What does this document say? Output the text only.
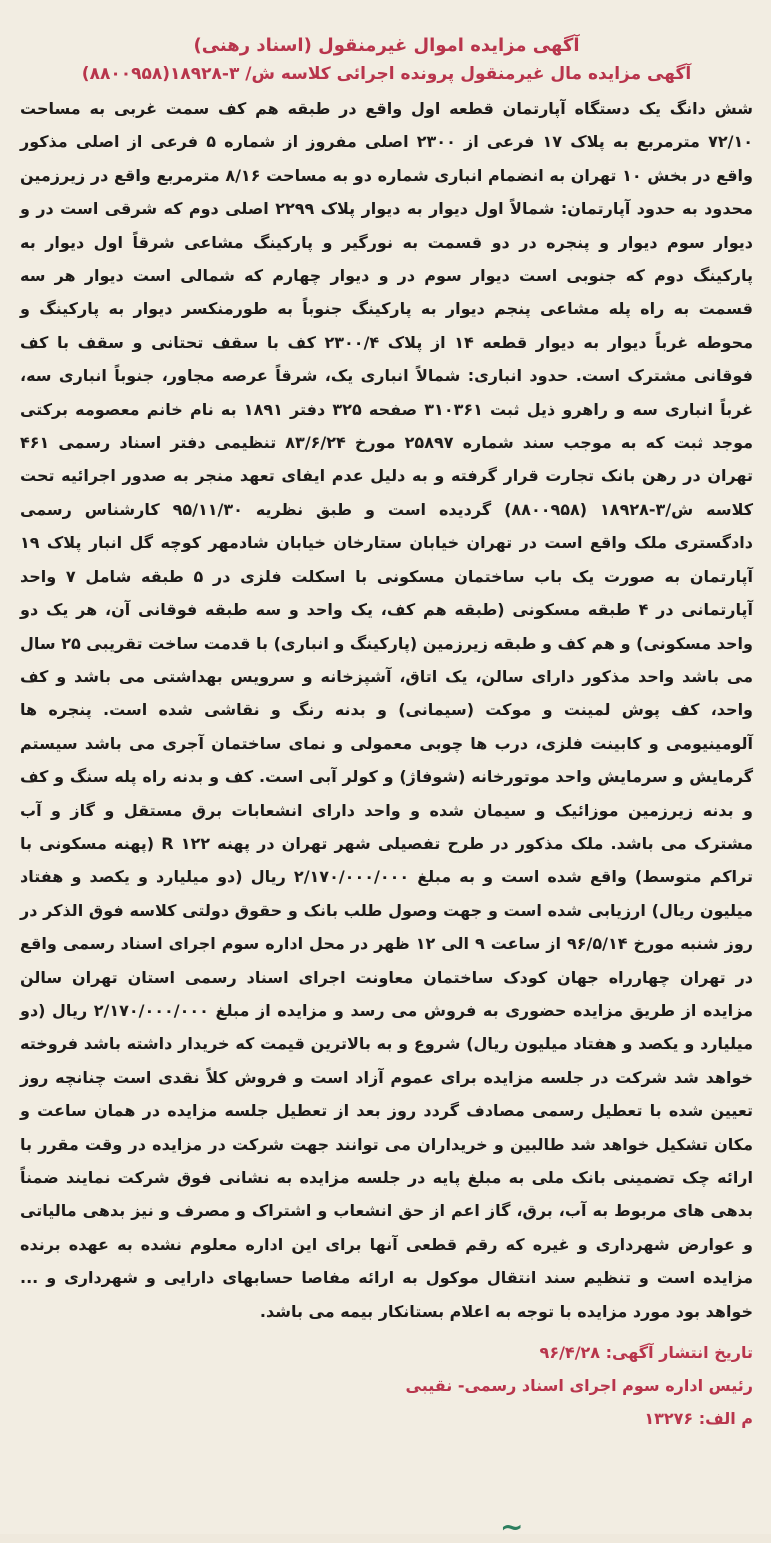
آگهی مزایده اموال غیرمنقول (اسناد رهنی)
آگهی مزایده مال غیرمنقول پرونده اجرائی کلاسه ش/ ۳-۱۸۹۲۸(۸۸۰۰۹۵۸)

شش دانگ یک دستگاه آپارتمان قطعه اول واقع در طبقه هم کف سمت غربی به مساحت ۷۲/۱۰ مترمربع به پلاک ۱۷ فرعی از ۲۳۰۰ اصلی مفروز از شماره ۵ فرعی از اصلی مذکور واقع در بخش ۱۰ تهران به انضمام انباری شماره دو به مساحت ۸/۱۶ مترمربع واقع در زیرزمین محدود به حدود آپارتمان: شمالاً اول دیوار به دیوار پلاک ۲۲۹۹ اصلی دوم که شرقی است در و دیوار سوم دیوار و پنجره در دو قسمت به نورگیر و پارکینگ مشاعی شرقاً اول دیوار به پارکینگ دوم که جنوبی است دیوار سوم در و دیوار چهارم که شمالی است دیوار هر سه قسمت به راه پله مشاعی پنجم دیوار به پارکینگ جنوباً به طورمنکسر دیوار به پارکینگ و محوطه غرباً دیوار به دیوار قطعه ۱۴ از پلاک ۲۳۰۰/۴ کف با سقف تحتانی و سقف با کف فوقانی مشترک است. حدود انباری: شمالاً انباری یک، شرقاً عرصه مجاور، جنوباً انباری سه، غرباً انباری سه و راهرو ذیل ثبت ۳۱۰۳۶۱ صفحه ۳۲۵ دفتر ۱۸۹۱ به نام خانم معصومه برکتی موجد ثبت که به موجب سند شماره ۲۵۸۹۷ مورخ ۸۳/۶/۲۴ تنظیمی دفتر اسناد رسمی ۴۶۱ تهران در رهن بانک تجارت قرار گرفته و به دلیل عدم ایفای تعهد منجر به صدور اجرائیه تحت کلاسه ش/۳-۱۸۹۲۸ (۸۸۰۰۹۵۸) گردیده است و طبق نظریه ۹۵/۱۱/۳۰ کارشناس رسمی دادگستری ملک واقع است در تهران خیابان ستارخان خیابان شادمهر کوچه گل انبار پلاک ۱۹ آپارتمان به صورت یک باب ساختمان مسکونی با اسکلت فلزی در ۵ طبقه شامل ۷ واحد آپارتمانی در ۴ طبقه مسکونی (طبقه هم کف، یک واحد و سه طبقه فوقانی آن، هر یک دو واحد مسکونی) و هم کف و طبقه زیرزمین (پارکینگ و انباری) با قدمت ساخت تقریبی ۲۵ سال می باشد واحد مذکور دارای سالن، یک اتاق، آشپزخانه و سرویس بهداشتی می باشد و کف واحد، کف پوش لمینت و موکت (سیمانی) و بدنه رنگ و نقاشی شده است. پنجره ها آلومینیومی و کابینت فلزی، درب ها چوبی معمولی و نمای ساختمان آجری می باشد سیستم گرمایش و سرمایش واحد موتورخانه (شوفاژ) و کولر آبی است. کف و بدنه راه پله سنگ و کف و بدنه زیرزمین موزائیک و سیمان شده و واحد دارای انشعابات برق مستقل و گاز و آب مشترک می باشد. ملک مذکور در طرح تفصیلی شهر تهران در پهنه R ۱۲۲ (پهنه مسکونی با تراکم متوسط) واقع شده است و به مبلغ ۲/۱۷۰/۰۰۰/۰۰۰ ریال (دو میلیارد و یکصد و هفتاد میلیون ریال) ارزیابی شده است و جهت وصول طلب بانک و حقوق دولتی کلاسه فوق الذکر در روز شنبه مورخ ۹۶/۵/۱۴ از ساعت ۹ الی ۱۲ ظهر در محل اداره سوم اجرای اسناد رسمی واقع در تهران چهارراه جهان کودک ساختمان معاونت اجرای اسناد رسمی استان تهران سالن مزایده از طریق مزایده حضوری به فروش می رسد و مزایده از مبلغ ۲/۱۷۰/۰۰۰/۰۰۰ ریال (دو میلیارد و یکصد و هفتاد میلیون ریال) شروع و به بالاترین قیمت که خریدار داشته باشد فروخته خواهد شد شرکت در جلسه مزایده برای عموم آزاد است و فروش کلاً نقدی است چنانچه روز تعیین شده با تعطیل رسمی مصادف گردد روز بعد از تعطیل جلسه مزایده در همان ساعت و مکان تشکیل خواهد شد طالبین و خریداران می توانند جهت شرکت در مزایده در وقت مقرر با ارائه چک تضمینی بانک ملی به مبلغ پایه در جلسه مزایده به نشانی فوق شرکت نمایند ضمناً بدهی های مربوط به آب، برق، گاز اعم از حق انشعاب و اشتراک و مصرف و نیز بدهی مالیاتی و عوارض شهرداری و غیره که رقم قطعی آنها برای این اداره معلوم نشده به عهده برنده مزایده است و تنظیم سند انتقال موکول به ارائه مفاصا حسابهای دارایی و شهرداری و ... خواهد بود مورد مزایده با توجه به اعلام بستانکار بیمه می باشد.

تاریخ انتشار آگهی: ۹۶/۴/۲۸

رئیس اداره سوم اجرای اسناد رسمی- نقیبی

م الف: ۱۳۲۷۶

~
